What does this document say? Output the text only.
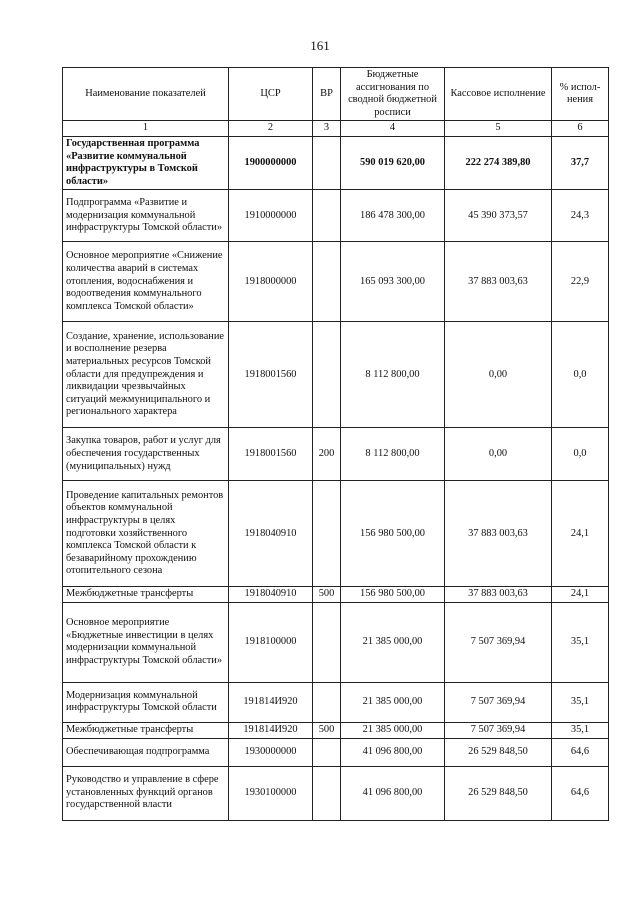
161
Наименование показателей	ЦСР	ВР	Бюджетные ассигнования по сводной бюджетной росписи	Кассовое исполнение	% испол-нения
1	2	3	4	5	6
Государственная программа «Развитие коммунальной инфраструктуры в Томской области»	1900000000		590 019 620,00	222 274 389,80	37,7
Подпрограмма «Развитие и модернизация коммунальной инфраструктуры Томской области»	1910000000		186 478 300,00	45 390 373,57	24,3
Основное мероприятие «Снижение количества аварий в системах отопления, водоснабжения и водоотведения коммунального комплекса Томской области»	1918000000		165 093 300,00	37 883 003,63	22,9
Создание, хранение, использование и восполнение резерва материальных ресурсов Томской области для предупреждения и ликвидации чрезвычайных ситуаций межмуниципального и регионального характера	1918001560		8 112 800,00	0,00	0,0
Закупка товаров, работ и услуг для обеспечения государственных (муниципальных) нужд	1918001560	200	8 112 800,00	0,00	0,0
Проведение капитальных ремонтов объектов коммунальной инфраструктуры в целях подготовки хозяйственного комплекса Томской области к безаварийному прохождению отопительного сезона	1918040910		156 980 500,00	37 883 003,63	24,1
Межбюджетные трансферты	1918040910	500	156 980 500,00	37 883 003,63	24,1
Основное мероприятие «Бюджетные инвестиции в целях модернизации коммунальной инфраструктуры Томской области»	1918100000		21 385 000,00	7 507 369,94	35,1
Модернизация коммунальной инфраструктуры Томской области	191814И920		21 385 000,00	7 507 369,94	35,1
Межбюджетные трансферты	191814И920	500	21 385 000,00	7 507 369,94	35,1
Обеспечивающая подпрограмма	1930000000		41 096 800,00	26 529 848,50	64,6
Руководство и управление в сфере установленных функций органов государственной власти	1930100000		41 096 800,00	26 529 848,50	64,6
